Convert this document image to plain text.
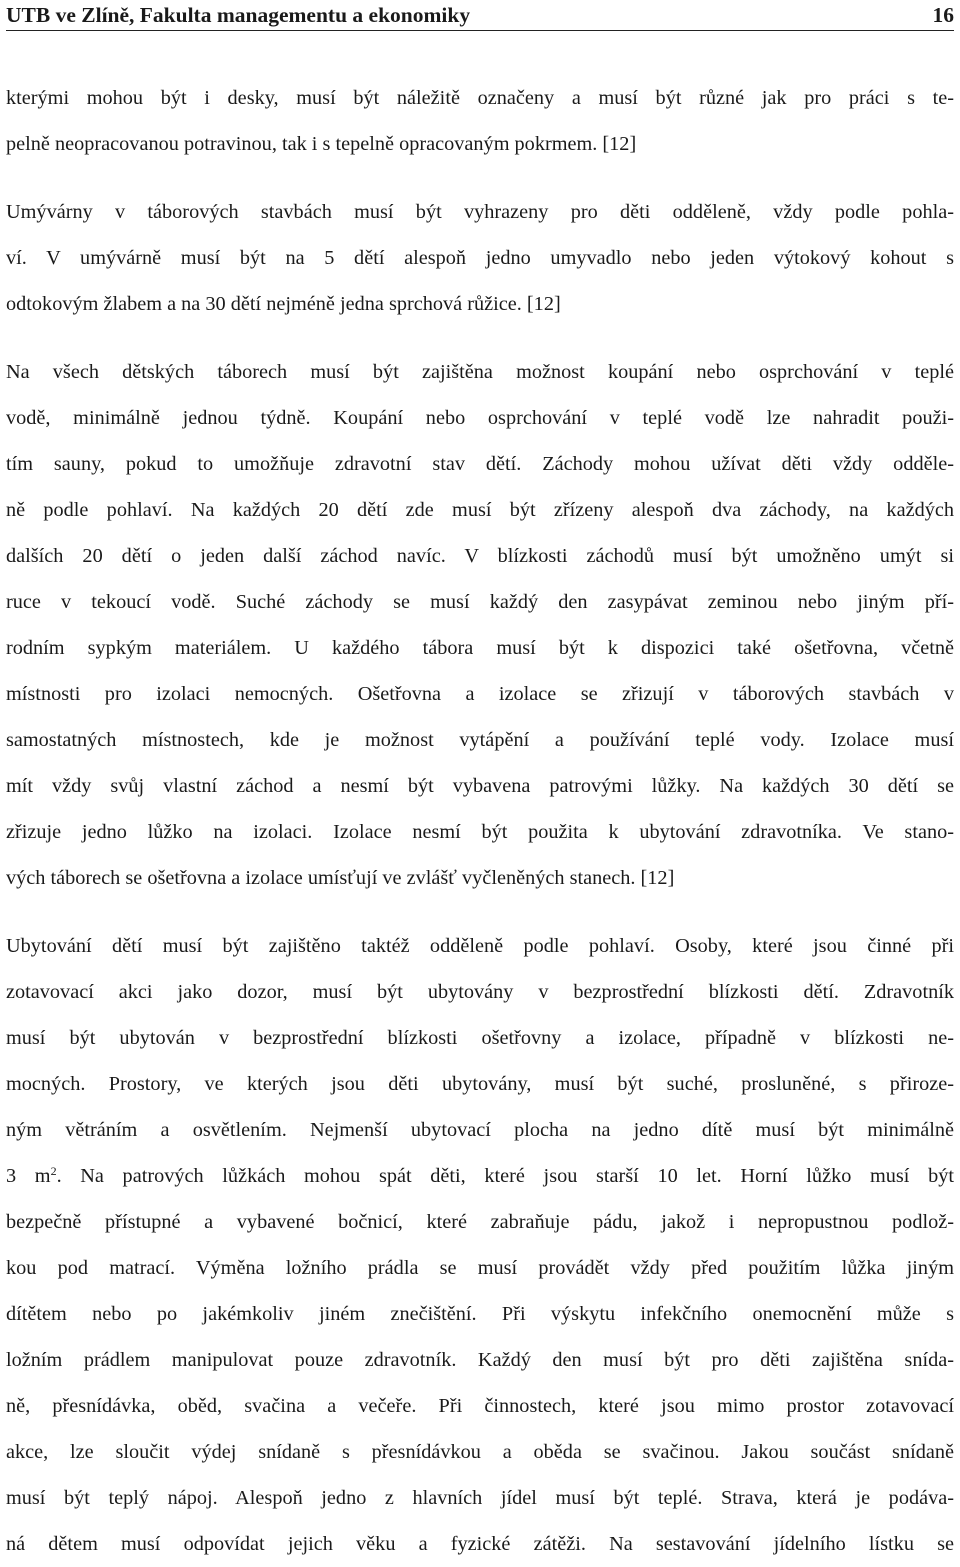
UTB ve Zlíně, Fakulta managementu a ekonomiky	16
kterými mohou být i desky, musí být náležitě označeny a musí být různé jak pro práci s te-
pelně neopracovanou potravinou, tak i s tepelně opracovaným pokrmem. [12]
Umývárny v táborových stavbách musí být vyhrazeny pro děti odděleně, vždy podle pohla-
ví. V umývárně musí být na 5 dětí alespoň jedno umyvadlo nebo jeden výtokový kohout s
odtokovým žlabem a na 30 dětí nejméně jedna sprchová růžice. [12]
Na všech dětských táborech musí být zajištěna možnost koupání nebo osprchování v teplé
vodě, minimálně jednou týdně. Koupání nebo osprchování v teplé vodě lze nahradit použi-
tím sauny, pokud to umožňuje zdravotní stav dětí. Záchody mohou užívat děti vždy odděle-
ně podle pohlaví. Na každých 20 dětí zde musí být zřízeny alespoň dva záchody, na každých
dalších 20 dětí o jeden další záchod navíc. V blízkosti záchodů musí být umožněno umýt si
ruce v tekoucí vodě. Suché záchody se musí každý den zasypávat zeminou nebo jiným pří-
rodním sypkým materiálem. U každého tábora musí být k dispozici také ošetřovna, včetně
místnosti pro izolaci nemocných. Ošetřovna a izolace se zřizují v táborových stavbách v
samostatných místnostech, kde je možnost vytápění a používání teplé vody. Izolace musí
mít vždy svůj vlastní záchod a nesmí být vybavena patrovými lůžky. Na každých 30 dětí se
zřizuje jedno lůžko na izolaci. Izolace nesmí být použita k ubytování zdravotníka. Ve stano-
vých táborech se ošetřovna a izolace umísťují ve zvlášť vyčleněných stanech. [12]
Ubytování dětí musí být zajištěno taktéž odděleně podle pohlaví. Osoby, které jsou činné při
zotavovací akci jako dozor, musí být ubytovány v bezprostřední blízkosti dětí. Zdravotník
musí být ubytován v bezprostřední blízkosti ošetřovny a izolace, případně v blízkosti ne-
mocných. Prostory, ve kterých jsou děti ubytovány, musí být suché, prosluněné, s přiroze-
ným větráním a osvětlením. Nejmenší ubytovací plocha na jedno dítě musí být minimálně
3 $m^2$. Na patrových lůžkách mohou spát děti, které jsou starší 10 let. Horní lůžko musí být
bezpečně přístupné a vybavené bočnicí, které zabraňuje pádu, jakož i nepropustnou podlož-
kou pod matrací. Výměna ložního prádla se musí provádět vždy před použitím lůžka jiným
dítětem nebo po jakémkoliv jiném znečištění. Při výskytu infekčního onemocnění může s
ložním prádlem manipulovat pouze zdravotník. Každý den musí být pro děti zajištěna snída-
ně, přesnídávka, oběd, svačina a večeře. Při činnostech, které jsou mimo prostor zotavovací
akce, lze sloučit výdej snídaně s přesnídávkou a oběda se svačinou. Jakou součást snídaně
musí být teplý nápoj. Alespoň jedno z hlavních jídel musí být teplé. Strava, která je podáva-
ná dětem musí odpovídat jejich věku a fyzické zátěži. Na sestavování jídelního lístku se
